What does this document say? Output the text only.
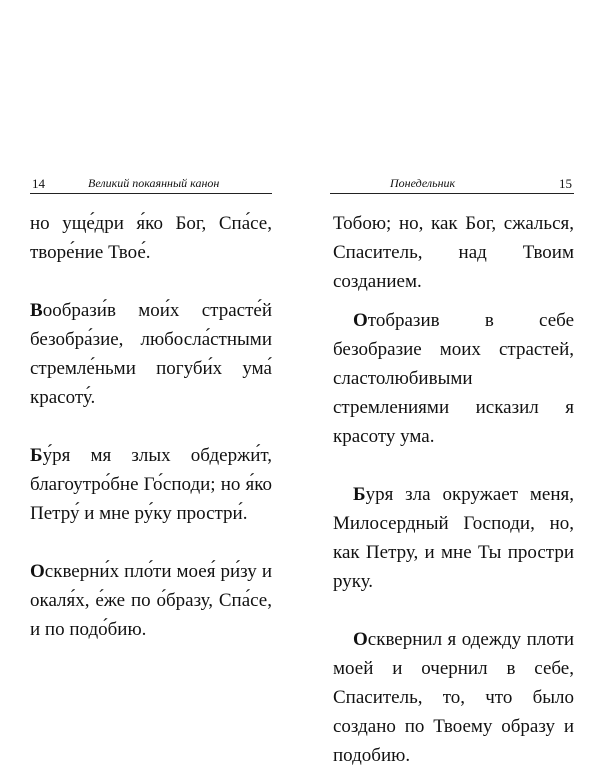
14	Великий покаянный канон

но уще́дри я́ко Бог, Спа́се, творе́ние Твое́.

Вообрази́в мои́х страсте́й безобра́зие, любосла́стными стремле́ньми погуби́х ума́ красоту́.

Бу́ря мя злых обдержи́т, благоутро́бне Го́споди; но я́ко Петру́ и мне ру́ку простри́.

Оскверни́х пло́ти моея́ ри́зу и окаля́х, е́же по о́бразу, Спа́се, и по подо́бию.

Понедельник	15

Тобою; но, как Бог, сжалься, Спаситель, над Твоим созданием.

Отобразив в себе безобразие моих страстей, сластолюбивыми стремлениями исказил я красоту ума.

Буря зла окружает меня, Милосердный Господи, но, как Петру, и мне Ты простри руку.

Осквернил я одежду плоти моей и очернил в себе, Спаситель, то, что было создано по Твоему образу и подобию.
